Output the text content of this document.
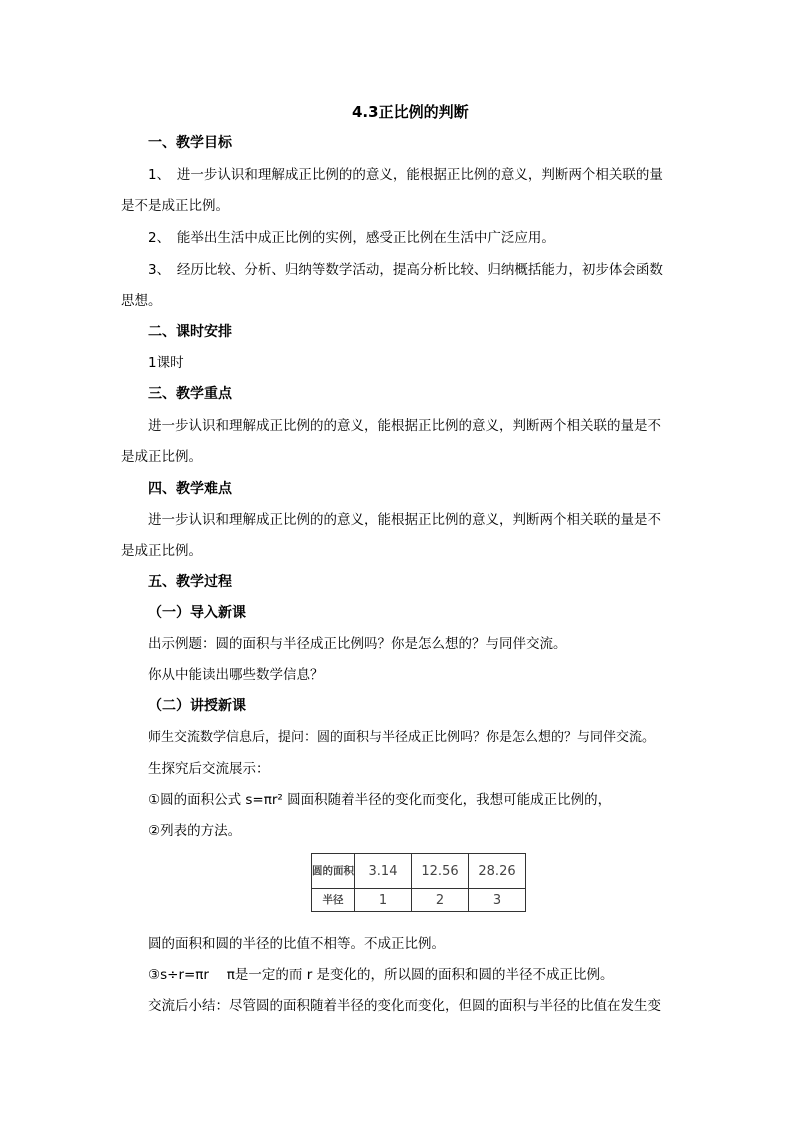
4.3正比例的判断
一、教学目标
1、　进一步认识和理解成正比例的的意义，能根据正比例的意义，判断两个相关联的量
是不是成正比例。
2、　能举出生活中成正比例的实例，感受正比例在生活中广泛应用。
3、　经历比较、分析、归纳等数学活动，提高分析比较、归纳概括能力，初步体会函数
思想。
二、课时安排
1课时
三、教学重点
进一步认识和理解成正比例的的意义，能根据正比例的意义，判断两个相关联的量是不
是成正比例。
四、教学难点
进一步认识和理解成正比例的的意义，能根据正比例的意义，判断两个相关联的量是不
是成正比例。
五、教学过程
（一）导入新课
出示例题：圆的面积与半径成正比例吗？你是怎么想的？与同伴交流。
你从中能读出哪些数学信息？
（二）讲授新课
师生交流数学信息后，提问：圆的面积与半径成正比例吗？你是怎么想的？与同伴交流。
生探究后交流展示：
①圆的面积公式 s=πr² 圆面积随着半径的变化而变化，我想可能成正比例的，
②列表的方法。
圆的面积	3.14	12.56	28.26
半径	1	2	3
圆的面积和圆的半径的比值不相等。不成正比例。
③s÷r=πr　 π是一定的而 r 是变化的，所以圆的面积和圆的半径不成正比例。
交流后小结：尽管圆的面积随着半径的变化而变化，但圆的面积与半径的比值在发生变
